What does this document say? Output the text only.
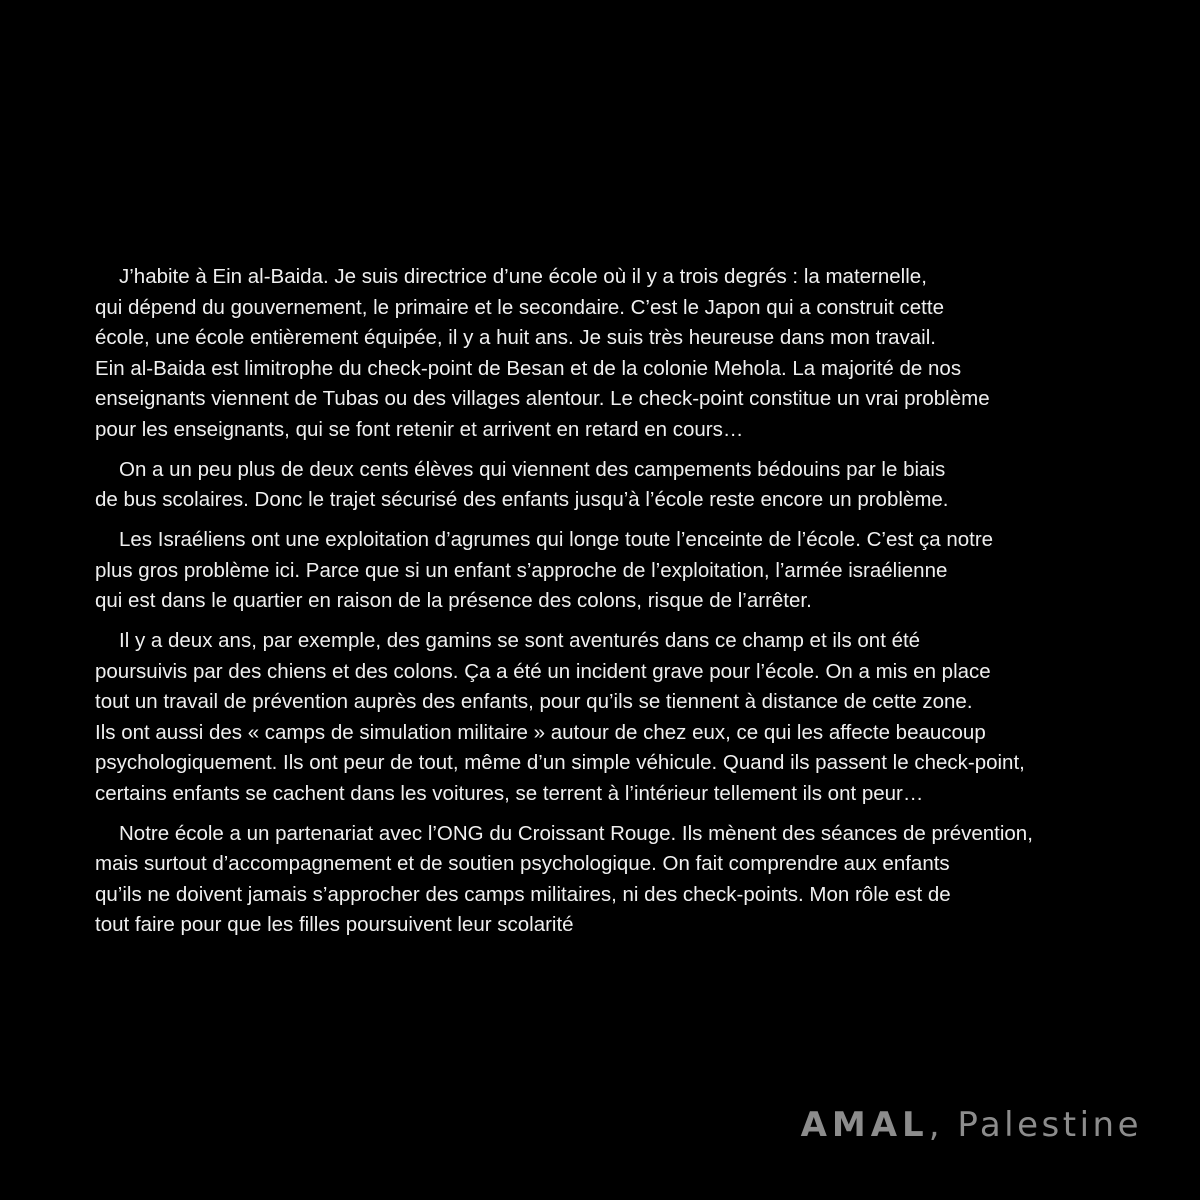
J’habite à Ein al-Baida. Je suis directrice d’une école où il y a trois degrés : la maternelle,
qui dépend du gouvernement, le primaire et le secondaire. C’est le Japon qui a construit cette
école, une école entièrement équipée, il y a huit ans. Je suis très heureuse dans mon travail.
Ein al-Baida est limitrophe du check-point de Besan et de la colonie Mehola. La majorité de nos
enseignants viennent de Tubas ou des villages alentour. Le check-point constitue un vrai problème
pour les enseignants, qui se font retenir et arrivent en retard en cours…

On a un peu plus de deux cents élèves qui viennent des campements bédouins par le biais
de bus scolaires. Donc le trajet sécurisé des enfants jusqu’à l’école reste encore un problème.

Les Israéliens ont une exploitation d’agrumes qui longe toute l’enceinte de l’école. C’est ça notre
plus gros problème ici. Parce que si un enfant s’approche de l’exploitation, l’armée israélienne
qui est dans le quartier en raison de la présence des colons, risque de l’arrêter.

Il y a deux ans, par exemple, des gamins se sont aventurés dans ce champ et ils ont été
poursuivis par des chiens et des colons. Ça a été un incident grave pour l’école. On a mis en place
tout un travail de prévention auprès des enfants, pour qu’ils se tiennent à distance de cette zone.
Ils ont aussi des « camps de simulation militaire » autour de chez eux, ce qui les affecte beaucoup
psychologiquement. Ils ont peur de tout, même d’un simple véhicule. Quand ils passent le check-point,
certains enfants se cachent dans les voitures, se terrent à l’intérieur tellement ils ont peur…

Notre école a un partenariat avec l’ONG du Croissant Rouge. Ils mènent des séances de prévention,
mais surtout d’accompagnement et de soutien psychologique. On fait comprendre aux enfants
qu’ils ne doivent jamais s’approcher des camps militaires, ni des check-points. Mon rôle est de
tout faire pour que les filles poursuivent leur scolarité

AMAL, Palestine
